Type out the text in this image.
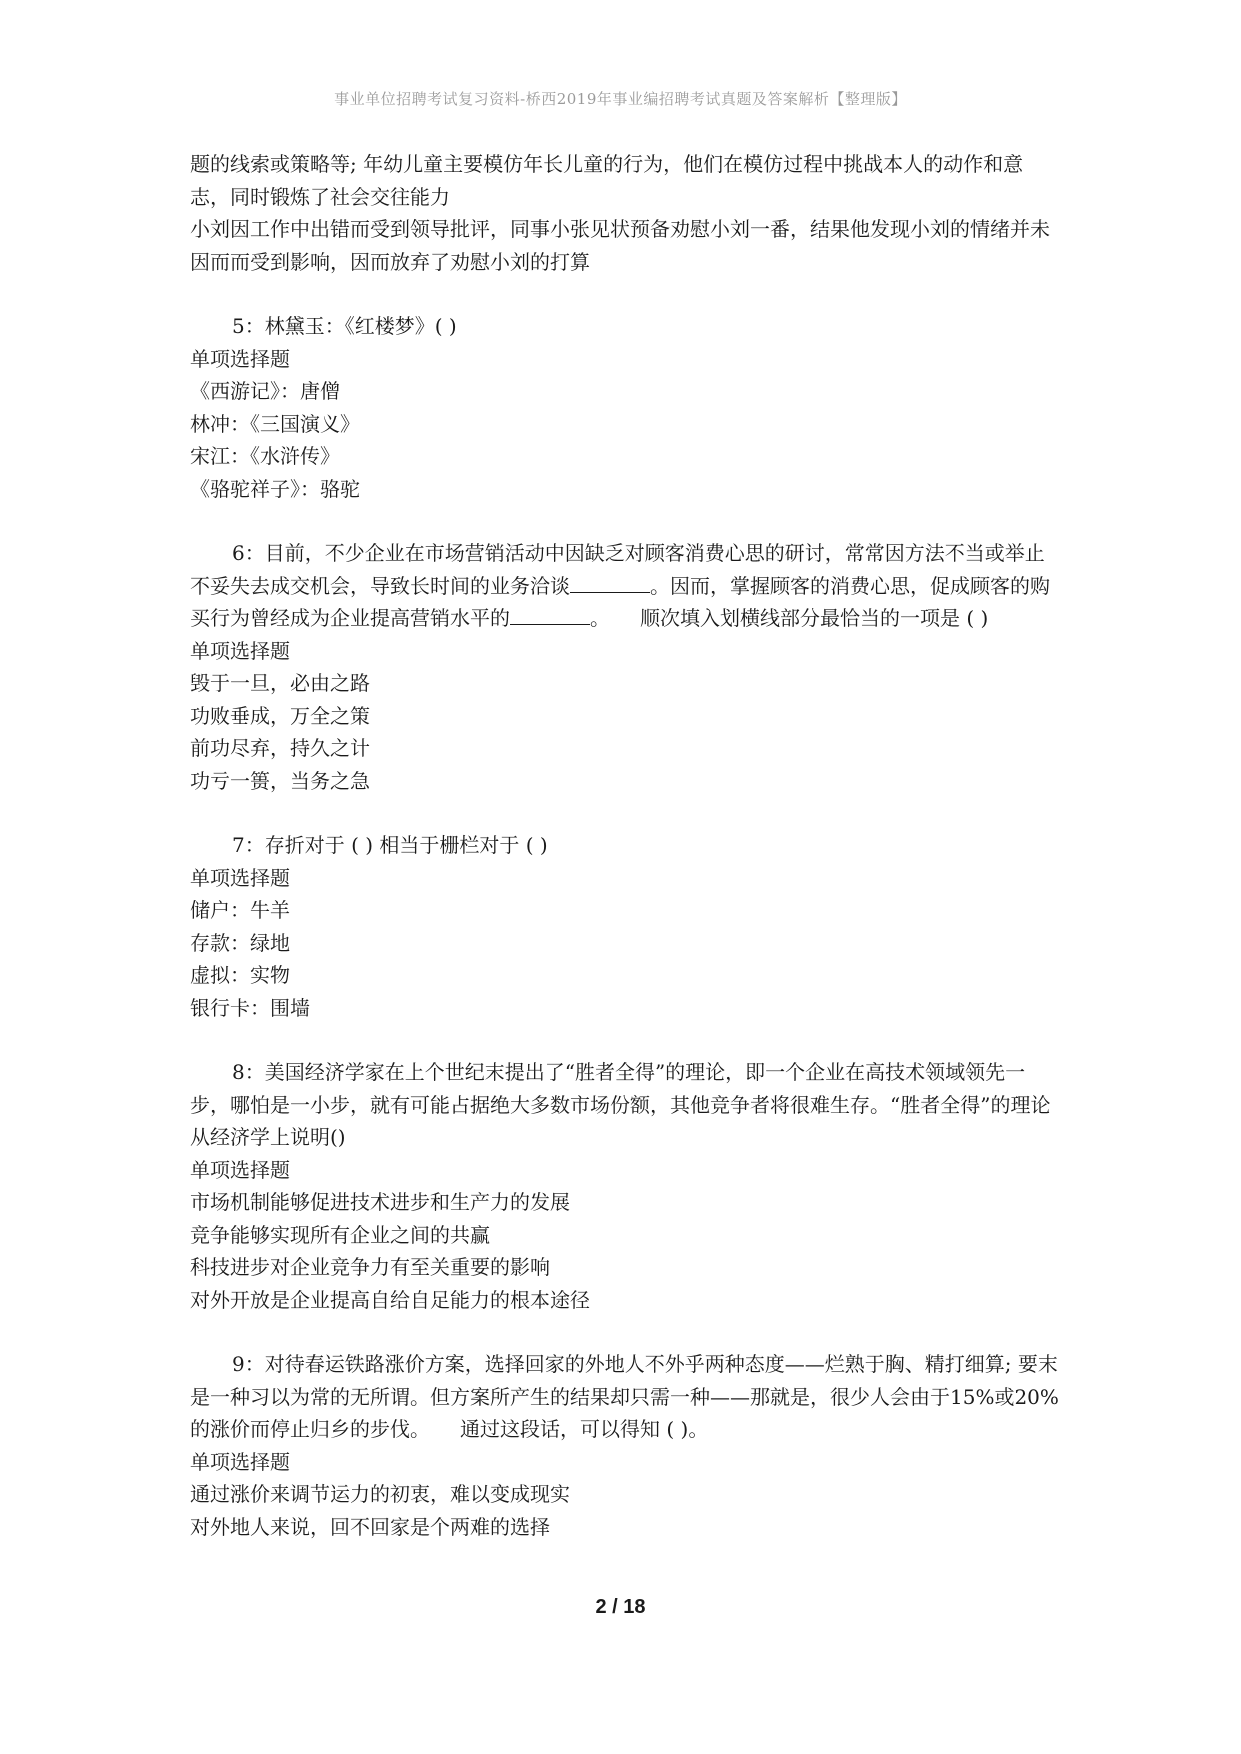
事业单位招聘考试复习资料-桥西2019年事业编招聘考试真题及答案解析【整理版】

题的线索或策略等; 年幼儿童主要模仿年长儿童的行为，他们在模仿过程中挑战本人的动作和意志，同时锻炼了社会交往能力

小刘因工作中出错而受到领导批评，同事小张见状预备劝慰小刘一番，结果他发现小刘的情绪并未因而而受到影响，因而放弃了劝慰小刘的打算

5：林黛玉：《红楼梦》( )

单项选择题

《西游记》：唐僧

林冲：《三国演义》

宋江：《水浒传》

《骆驼祥子》：骆驼

6：目前，不少企业在市场营销活动中因缺乏对顾客消费心思的研讨，常常因方法不当或举止不妥失去成交机会，导致长时间的业务洽谈	。因而，掌握顾客的消费心思，促成顾客的购买行为曾经成为企业提高营销水平的	。　　顺次填入划横线部分最恰当的一项是 ( )

单项选择题

毁于一旦，必由之路

功败垂成，万全之策

前功尽弃，持久之计

功亏一篑，当务之急

7：存折对于 ( ) 相当于栅栏对于 ( )

单项选择题

储户：牛羊

存款：绿地

虚拟：实物

银行卡：围墙

8：美国经济学家在上个世纪末提出了“胜者全得”的理论，即一个企业在高技术领域领先一步，哪怕是一小步，就有可能占据绝大多数市场份额，其他竞争者将很难生存。“胜者全得”的理论从经济学上说明()

单项选择题

市场机制能够促进技术进步和生产力的发展

竞争能够实现所有企业之间的共赢

科技进步对企业竞争力有至关重要的影响

对外开放是企业提高自给自足能力的根本途径

9：对待春运铁路涨价方案，选择回家的外地人不外乎两种态度——烂熟于胸、精打细算; 要末是一种习以为常的无所谓。但方案所产生的结果却只需一种——那就是，很少人会由于15%或20%的涨价而停止归乡的步伐。　　通过这段话，可以得知 ( )。

单项选择题

通过涨价来调节运力的初衷，难以变成现实

对外地人来说，回不回家是个两难的选择

2 / 18
